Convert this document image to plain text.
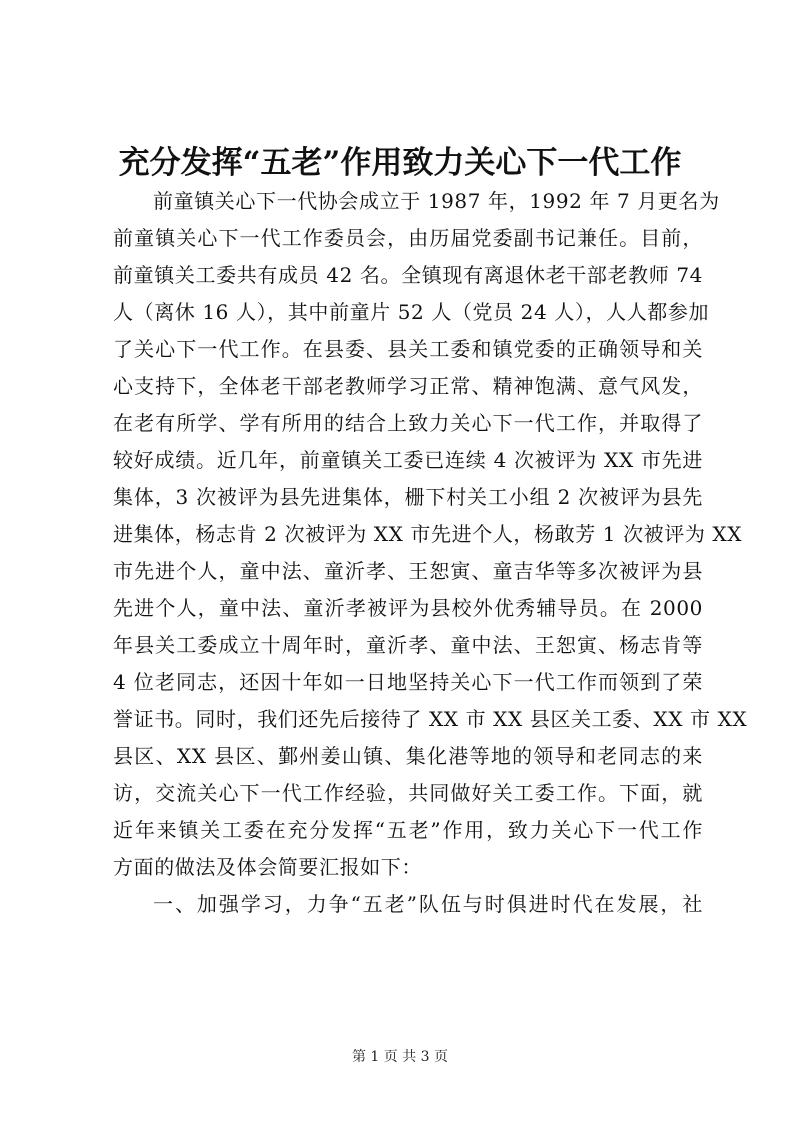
充分发挥“五老”作用致力关心下一代工作
前童镇关心下一代协会成立于 1987 年，1992 年 7 月更名为
前童镇关心下一代工作委员会，由历届党委副书记兼任。目前，
前童镇关工委共有成员 42 名。全镇现有离退休老干部老教师 74
人（离休 16 人），其中前童片 52 人（党员 24 人），人人都参加
了关心下一代工作。在县委、县关工委和镇党委的正确领导和关
心支持下，全体老干部老教师学习正常、精神饱满、意气风发，
在老有所学、学有所用的结合上致力关心下一代工作，并取得了
较好成绩。近几年，前童镇关工委已连续 4 次被评为 XX 市先进
集体，3 次被评为县先进集体，栅下村关工小组 2 次被评为县先
进集体，杨志肯 2 次被评为 XX 市先进个人，杨敢芳 1 次被评为 XX
市先进个人，童中法、童沂孝、王恕寅、童吉华等多次被评为县
先进个人，童中法、童沂孝被评为县校外优秀辅导员。在 2000
年县关工委成立十周年时，童沂孝、童中法、王恕寅、杨志肯等
4 位老同志，还因十年如一日地坚持关心下一代工作而领到了荣
誉证书。同时，我们还先后接待了 XX 市 XX 县区关工委、XX 市 XX
县区、XX 县区、鄞州姜山镇、集化港等地的领导和老同志的来
访，交流关心下一代工作经验，共同做好关工委工作。下面，就
近年来镇关工委在充分发挥“五老”作用，致力关心下一代工作
方面的做法及体会简要汇报如下：
一、加强学习，力争“五老”队伍与时俱进时代在发展，社

第 1 页 共 3 页
